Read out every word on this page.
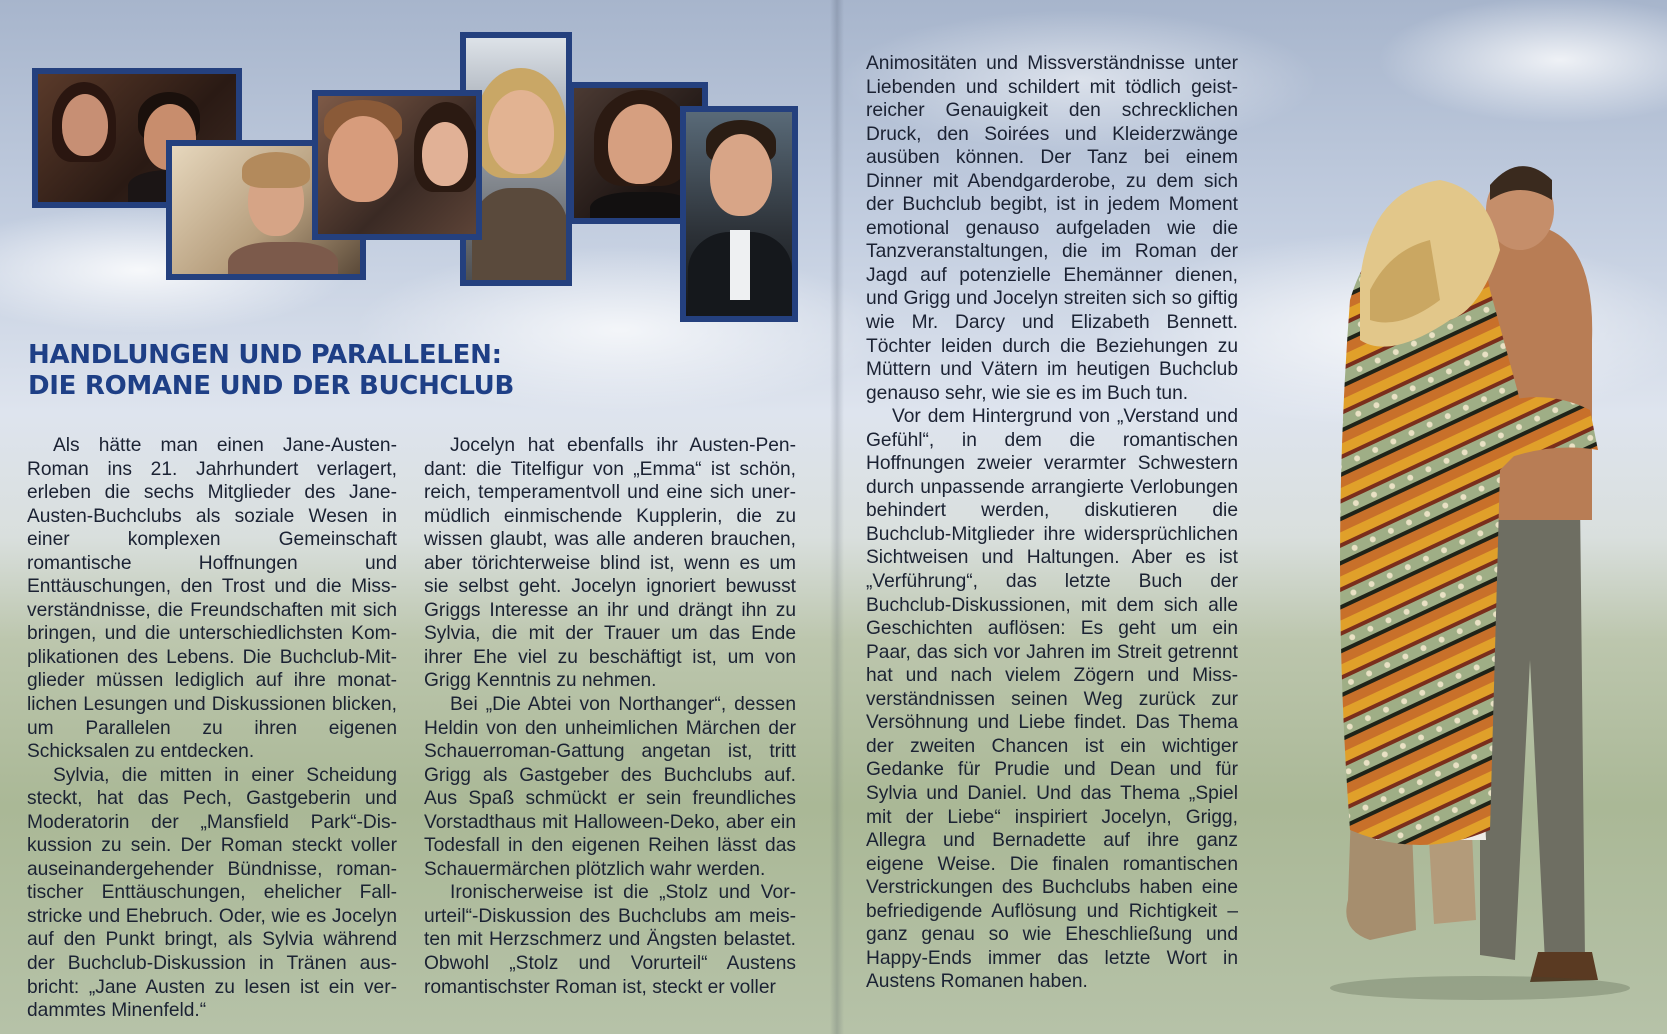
HANDLUNGEN UND PARALLELEN:
DIE ROMANE UND DER BUCHCLUB

Als hätte man einen Jane-Austen-Roman ins 21. Jahrhundert verlagert, erleben die sechs Mitglieder des Jane-Austen-Buchclubs als soziale Wesen in einer komplexen Gemeinschaft romantische Hoffnungen und Enttäuschungen, den Trost und die Missverständnisse, die Freundschaften mit sich bringen, und die unterschiedlichsten Komplikationen des Lebens. Die Buchclub-Mitglieder müssen lediglich auf ihre monatlichen Lesungen und Diskussionen blicken, um Parallelen zu ihren eigenen Schicksalen zu entdecken.

Sylvia, die mitten in einer Scheidung steckt, hat das Pech, Gastgeberin und Moderatorin der „Mansfield Park“-Diskussion zu sein. Der Roman steckt voller auseinandergehender Bündnisse, romantischer Enttäuschungen, ehelicher Fallstricke und Ehebruch. Oder, wie es Jocelyn auf den Punkt bringt, als Sylvia während der Buchclub-Diskussion in Tränen ausbricht: „Jane Austen zu lesen ist ein verdammtes Minenfeld.“

Jocelyn hat ebenfalls ihr Austen-Pendant: die Titelfigur von „Emma“ ist schön, reich, temperamentvoll und eine sich unermüdlich einmischende Kupplerin, die zu wissen glaubt, was alle anderen brauchen, aber törichterweise blind ist, wenn es um sie selbst geht. Jocelyn ignoriert bewusst Griggs Interesse an ihr und drängt ihn zu Sylvia, die mit der Trauer um das Ende ihrer Ehe viel zu beschäftigt ist, um von Grigg Kenntnis zu nehmen.

Bei „Die Abtei von Northanger“, dessen Heldin von den unheimlichen Märchen der Schauerroman-Gattung angetan ist, tritt Grigg als Gastgeber des Buchclubs auf. Aus Spaß schmückt er sein freundliches Vorstadthaus mit Halloween-Deko, aber ein Todesfall in den eigenen Reihen lässt das Schauermärchen plötzlich wahr werden.

Ironischerweise ist die „Stolz und Vorurteil“-Diskussion des Buchclubs am meisten mit Herzschmerz und Ängsten belastet. Obwohl „Stolz und Vorurteil“ Austens romantischster Roman ist, steckt er voller

Animositäten und Missverständnisse unter Liebenden und schildert mit tödlich geistreicher Genauigkeit den schrecklichen Druck, den Soirées und Kleiderzwänge ausüben können. Der Tanz bei einem Dinner mit Abendgarderobe, zu dem sich der Buchclub begibt, ist in jedem Moment emotional genauso aufgeladen wie die Tanzveranstaltungen, die im Roman der Jagd auf potenzielle Ehemänner dienen, und Grigg und Jocelyn streiten sich so giftig wie Mr. Darcy und Elizabeth Bennett. Töchter leiden durch die Beziehungen zu Müttern und Vätern im heutigen Buchclub genauso sehr, wie sie es im Buch tun.

Vor dem Hintergrund von „Verstand und Gefühl“, in dem die romantischen Hoffnungen zweier verarmter Schwestern durch unpassende arrangierte Verlobungen behindert werden, diskutieren die Buchclub-Mitglieder ihre widersprüchlichen Sichtweisen und Haltungen. Aber es ist „Verführung“, das letzte Buch der Buchclub-Diskussionen, mit dem sich alle Geschichten auflösen: Es geht um ein Paar, das sich vor Jahren im Streit getrennt hat und nach vielem Zögern und Missverständnissen seinen Weg zurück zur Versöhnung und Liebe findet. Das Thema der zweiten Chancen ist ein wichtiger Gedanke für Prudie und Dean und für Sylvia und Daniel. Und das Thema „Spiel mit der Liebe“ inspiriert Jocelyn, Grigg, Allegra und Bernadette auf ihre ganz eigene Weise. Die finalen romantischen Verstrickungen des Buchclubs haben eine befriedigende Auflösung und Richtigkeit – ganz genau so wie Eheschließung und Happy-Ends immer das letzte Wort in Austens Romanen haben.
